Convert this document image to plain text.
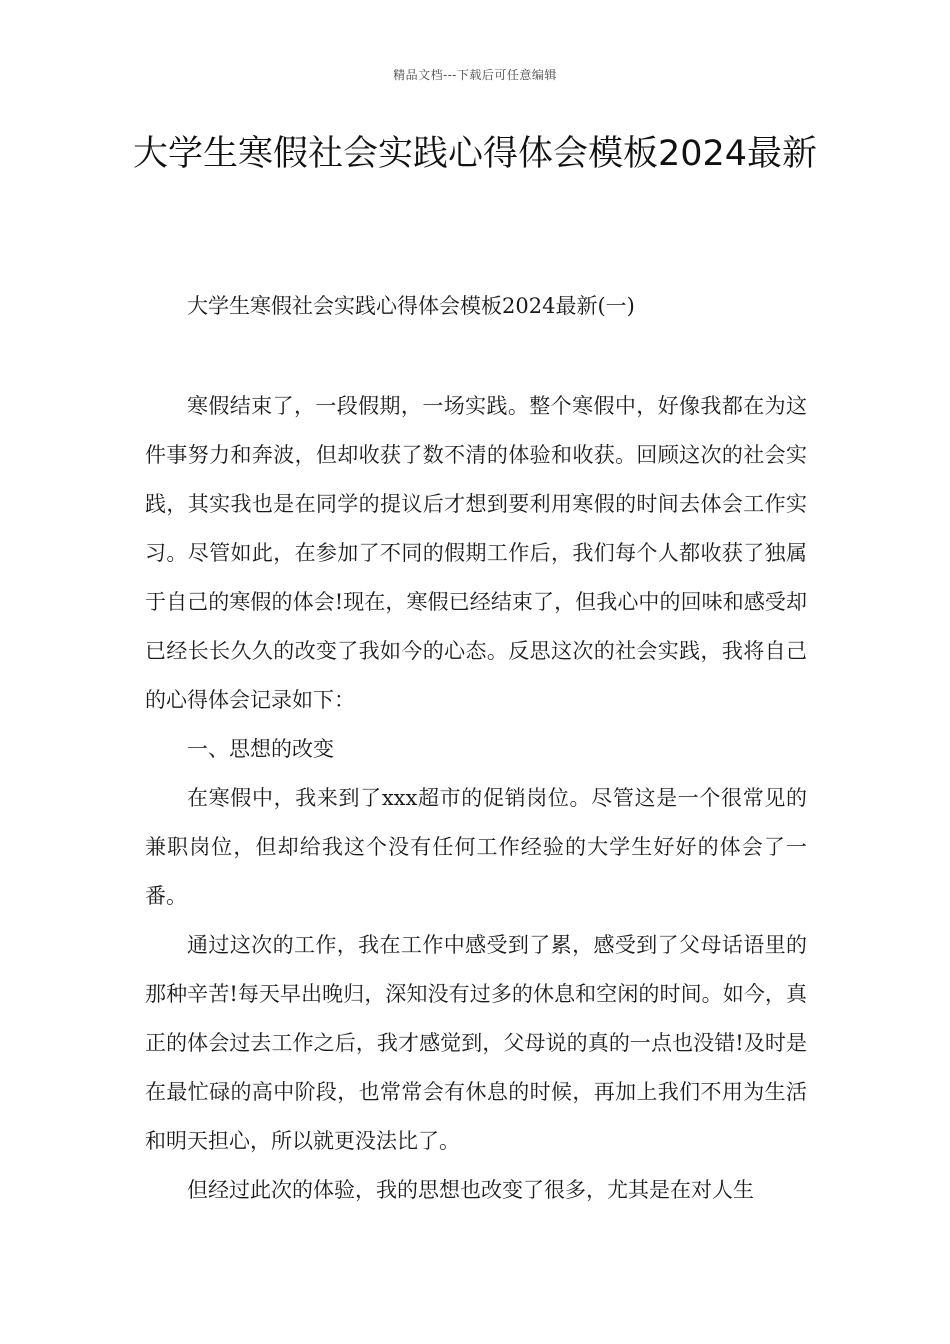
精品文档---下载后可任意编辑
大学生寒假社会实践心得体会模板2024最新

大学生寒假社会实践心得体会模板2024最新(一)

寒假结束了，一段假期，一场实践。整个寒假中，好像我都在为这件事努力和奔波，但却收获了数不清的体验和收获。回顾这次的社会实践，其实我也是在同学的提议后才想到要利用寒假的时间去体会工作实习。尽管如此，在参加了不同的假期工作后，我们每个人都收获了独属于自己的寒假的体会!现在，寒假已经结束了，但我心中的回味和感受却已经长长久久的改变了我如今的心态。反思这次的社会实践，我将自己的心得体会记录如下：

一、思想的改变

在寒假中，我来到了xxx超市的促销岗位。尽管这是一个很常见的兼职岗位，但却给我这个没有任何工作经验的大学生好好的体会了一番。

通过这次的工作，我在工作中感受到了累，感受到了父母话语里的那种辛苦!每天早出晚归，深知没有过多的休息和空闲的时间。如今，真正的体会过去工作之后，我才感觉到，父母说的真的一点也没错!及时是在最忙碌的高中阶段，也常常会有休息的时候，再加上我们不用为生活和明天担心，所以就更没法比了。

但经过此次的体验，我的思想也改变了很多，尤其是在对人生
